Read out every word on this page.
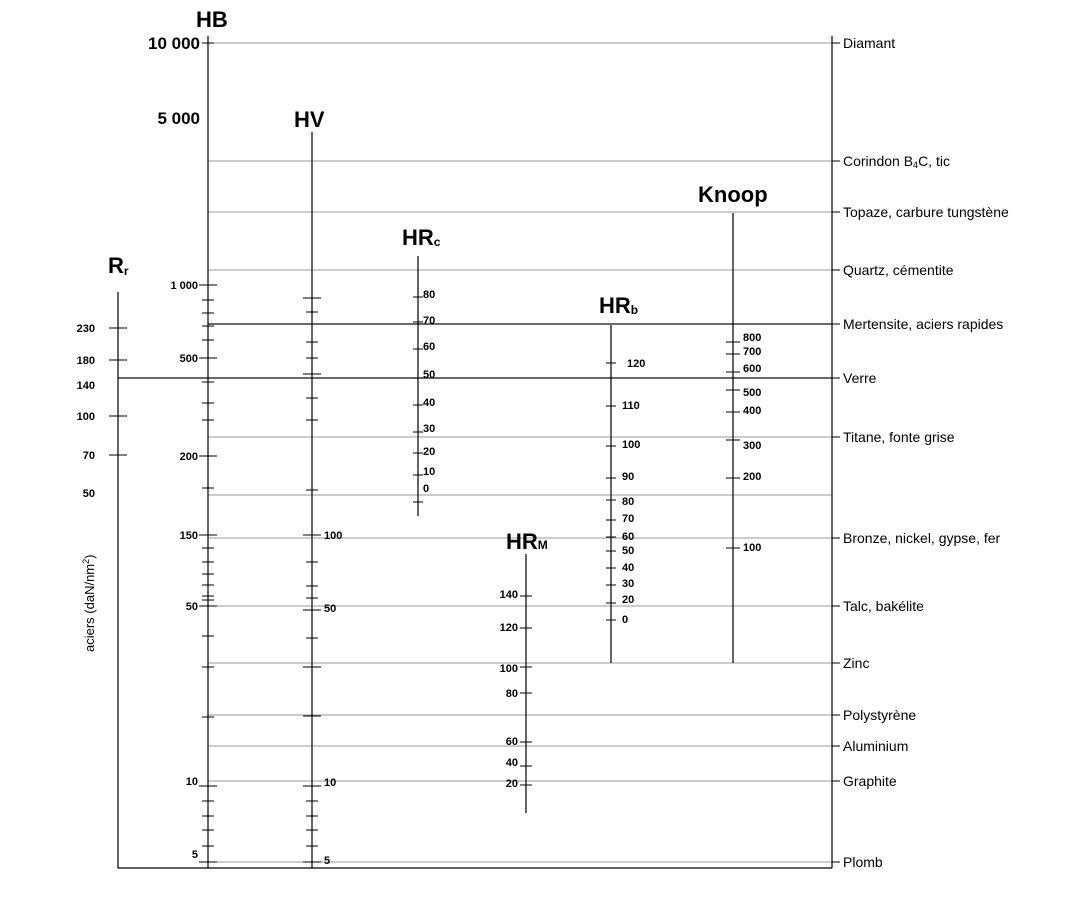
230
180
140
100
70
50
10 000
5 000
1 000
500
200
150
50
10
5
100
50
10
5
80
70
60
50
40
30
20
10
0
120
110
100
90
80
70
60
50
40
30
20
0
140
120
100
80
60
40
20
800
700
600
500
400
300
200
100
HB
HV
Knoop
Rr
HRc
HRb
HRM
aciers $(daN/nm^2)$
Diamant
Corindon B4C, tic
Topaze, carbure tungstène
Quartz, cémentite
Mertensite, aciers rapides
Verre
Titane, fonte grise
Bronze, nickel, gypse, fer
Talc, bakélite
Zinc
Polystyrène
Aluminium
Graphite
Plomb
